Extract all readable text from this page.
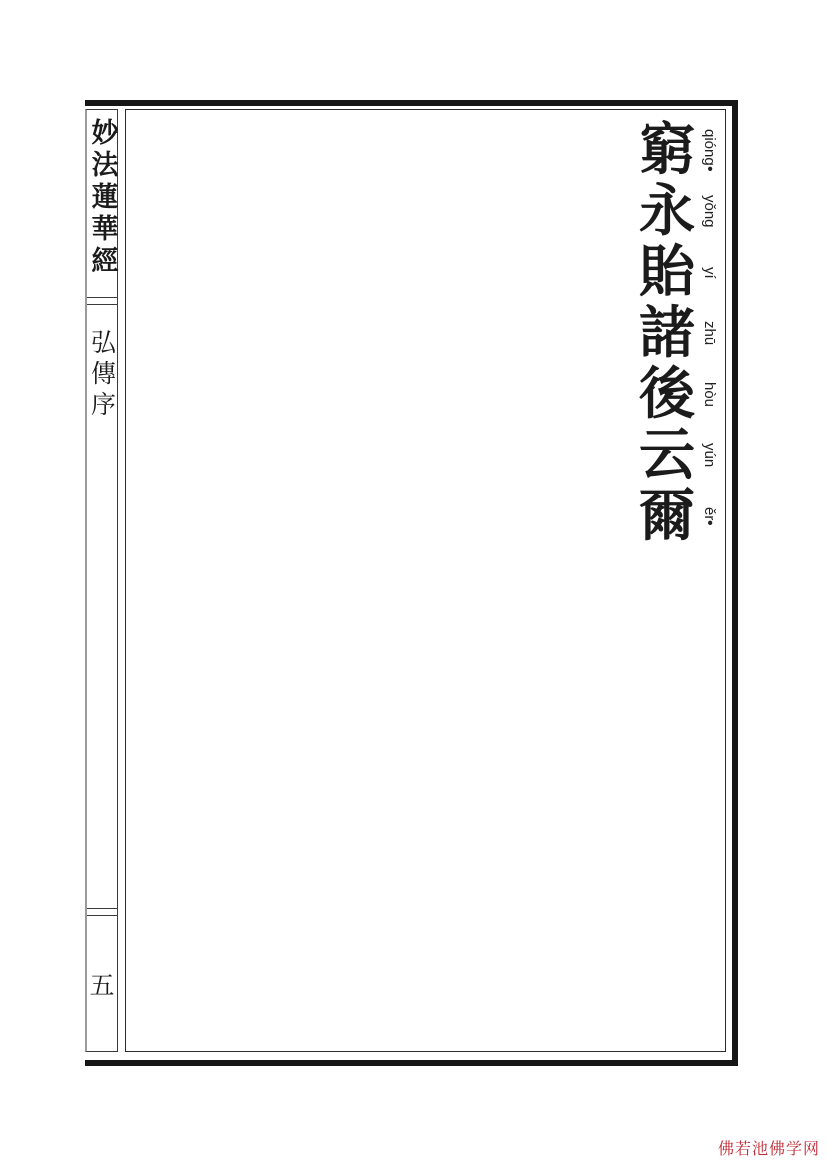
妙法蓮華經
弘傳序
五
窮 qióng•
永 yǒng
貽 yí
諸 zhū
後 hòu
云 yún
爾 ěr•
佛若池佛学网
